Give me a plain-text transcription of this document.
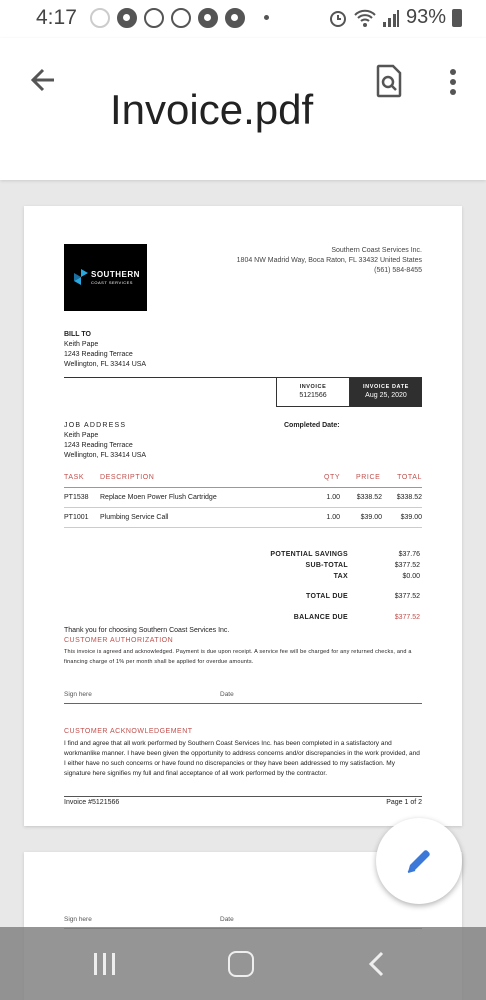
4:17	93%
Invoice.pdf
SOUTHERN
COAST SERVICES
Southern Coast Services Inc.
1804 NW Madrid Way, Boca Raton, FL 33432 United States
(561) 584-8455
BILL TO
Keith Pape
1243 Reading Terrace
Wellington, FL 33414 USA
INVOICE
5121566
INVOICE DATE
Aug 25, 2020
JOB ADDRESS
Keith Pape
1243 Reading Terrace
Wellington, FL 33414 USA
Completed Date:
TASK DESCRIPTION	QTY PRICE TOTAL
PT1538 Replace Moen Power Flush Cartridge	1.00 $338.52 $338.52
PT1001 Plumbing Service Call	1.00	$39.00	$39.00
POTENTIAL SAVINGS	$37.76
SUB-TOTAL	$377.52
TAX	$0.00
TOTAL DUE	$377.52
BALANCE DUE	$377.52
Thank you for choosing Southern Coast Services Inc.
CUSTOMER AUTHORIZATION
This invoice is agreed and acknowledged. Payment is due upon receipt. A service fee will be charged for any returned checks, and a financing charge of 1% per month shall be applied for overdue amounts.
Sign here	Date
CUSTOMER ACKNOWLEDGEMENT
I find and agree that all work performed by Southern Coast Services Inc. has been completed in a satisfactory and workmanlike manner. I have been given the opportunity to address concerns and/or discrepancies in the work provided, and I either have no such concerns or have found no discrepancies or they have been addressed to my satisfaction. My signature here signifies my full and final acceptance of all work performed by the contractor.
Invoice #5121566	Page 1 of 2
Sign here	Date
